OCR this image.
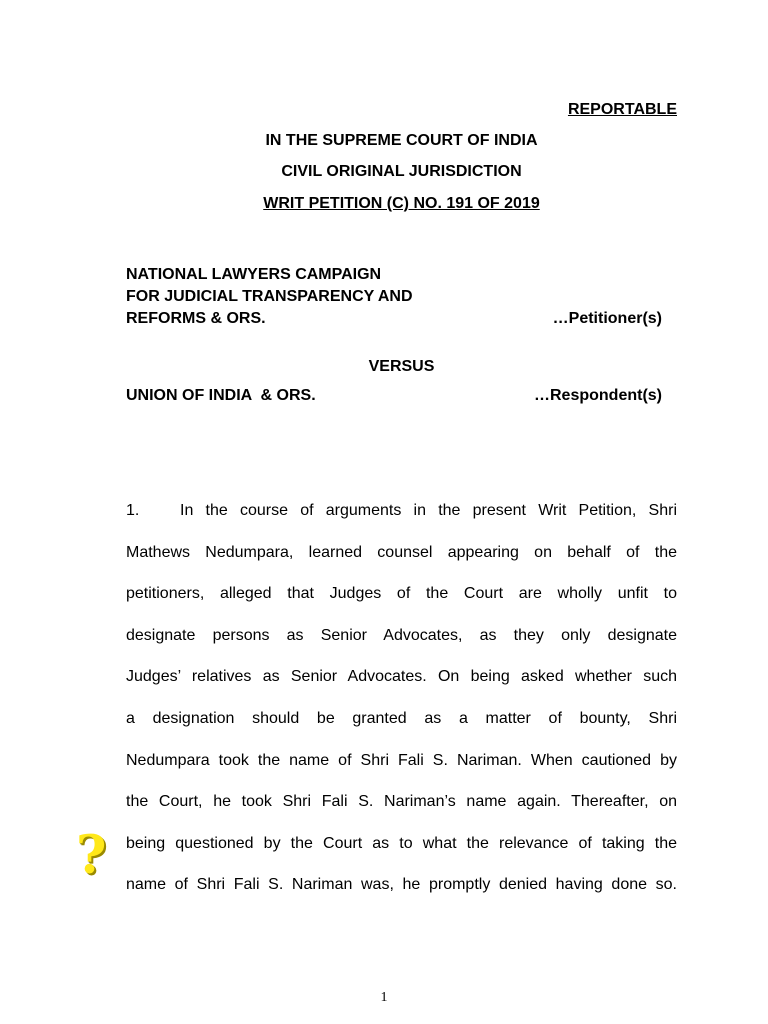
REPORTABLE
IN THE SUPREME COURT OF INDIA
CIVIL ORIGINAL JURISDICTION
WRIT PETITION (C) NO. 191 OF 2019
NATIONAL LAWYERS CAMPAIGN
FOR JUDICIAL TRANSPARENCY AND
REFORMS & ORS.	…Petitioner(s)
VERSUS
UNION OF INDIA  & ORS.	…Respondent(s)
1.	In the course of arguments in the present Writ Petition, Shri
Mathews Nedumpara, learned counsel appearing on behalf of the
petitioners, alleged that Judges of the Court are wholly unfit to
designate persons as Senior Advocates, as they only designate
Judges’ relatives as Senior Advocates. On being asked whether such
a designation should be granted as a matter of bounty, Shri
Nedumpara took the name of Shri Fali S. Nariman. When cautioned by
the Court, he took Shri Fali S. Nariman’s name again. Thereafter, on
being questioned by the Court as to what the relevance of taking the
name of Shri Fali S. Nariman was, he promptly denied having done so.
?
1
